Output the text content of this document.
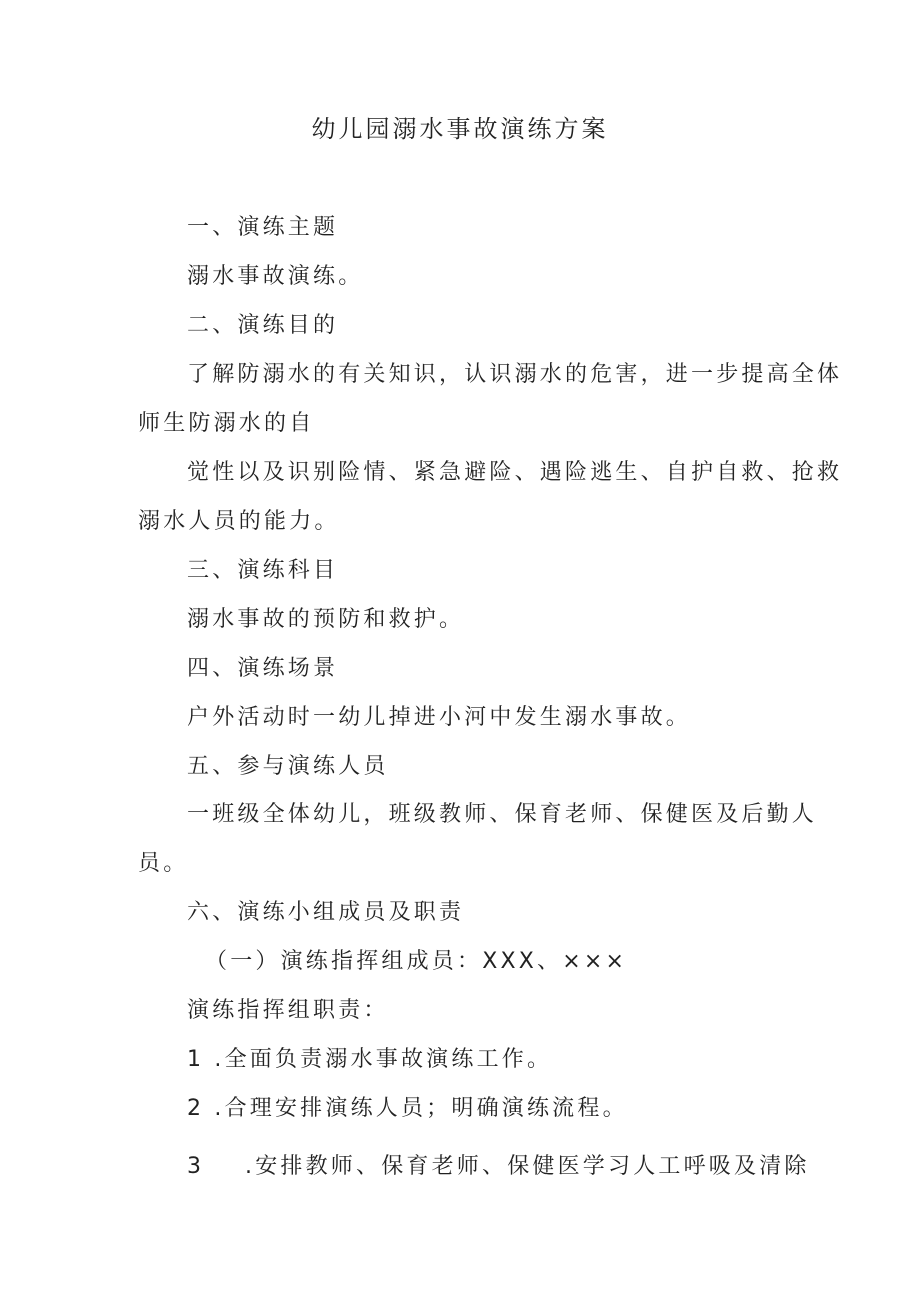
幼儿园溺水事故演练方案
一、演练主题
溺水事故演练。
二、演练目的
了解防溺水的有关知识，认识溺水的危害，进一步提高全体
师生防溺水的自
觉性以及识别险情、紧急避险、遇险逃生、自护自救、抢救
溺水人员的能力。
三、演练科目
溺水事故的预防和救护。
四、演练场景
户外活动时一幼儿掉进小河中发生溺水事故。
五、参与演练人员
一班级全体幼儿，班级教师、保育老师、保健医及后勤人
员。
六、演练小组成员及职责
（一）演练指挥组成员：XXX、×××
演练指挥组职责：
1 .全面负责溺水事故演练工作。
2 .合理安排演练人员；明确演练流程。
3 .安排教师、保育老师、保健医学习人工呼吸及清除
